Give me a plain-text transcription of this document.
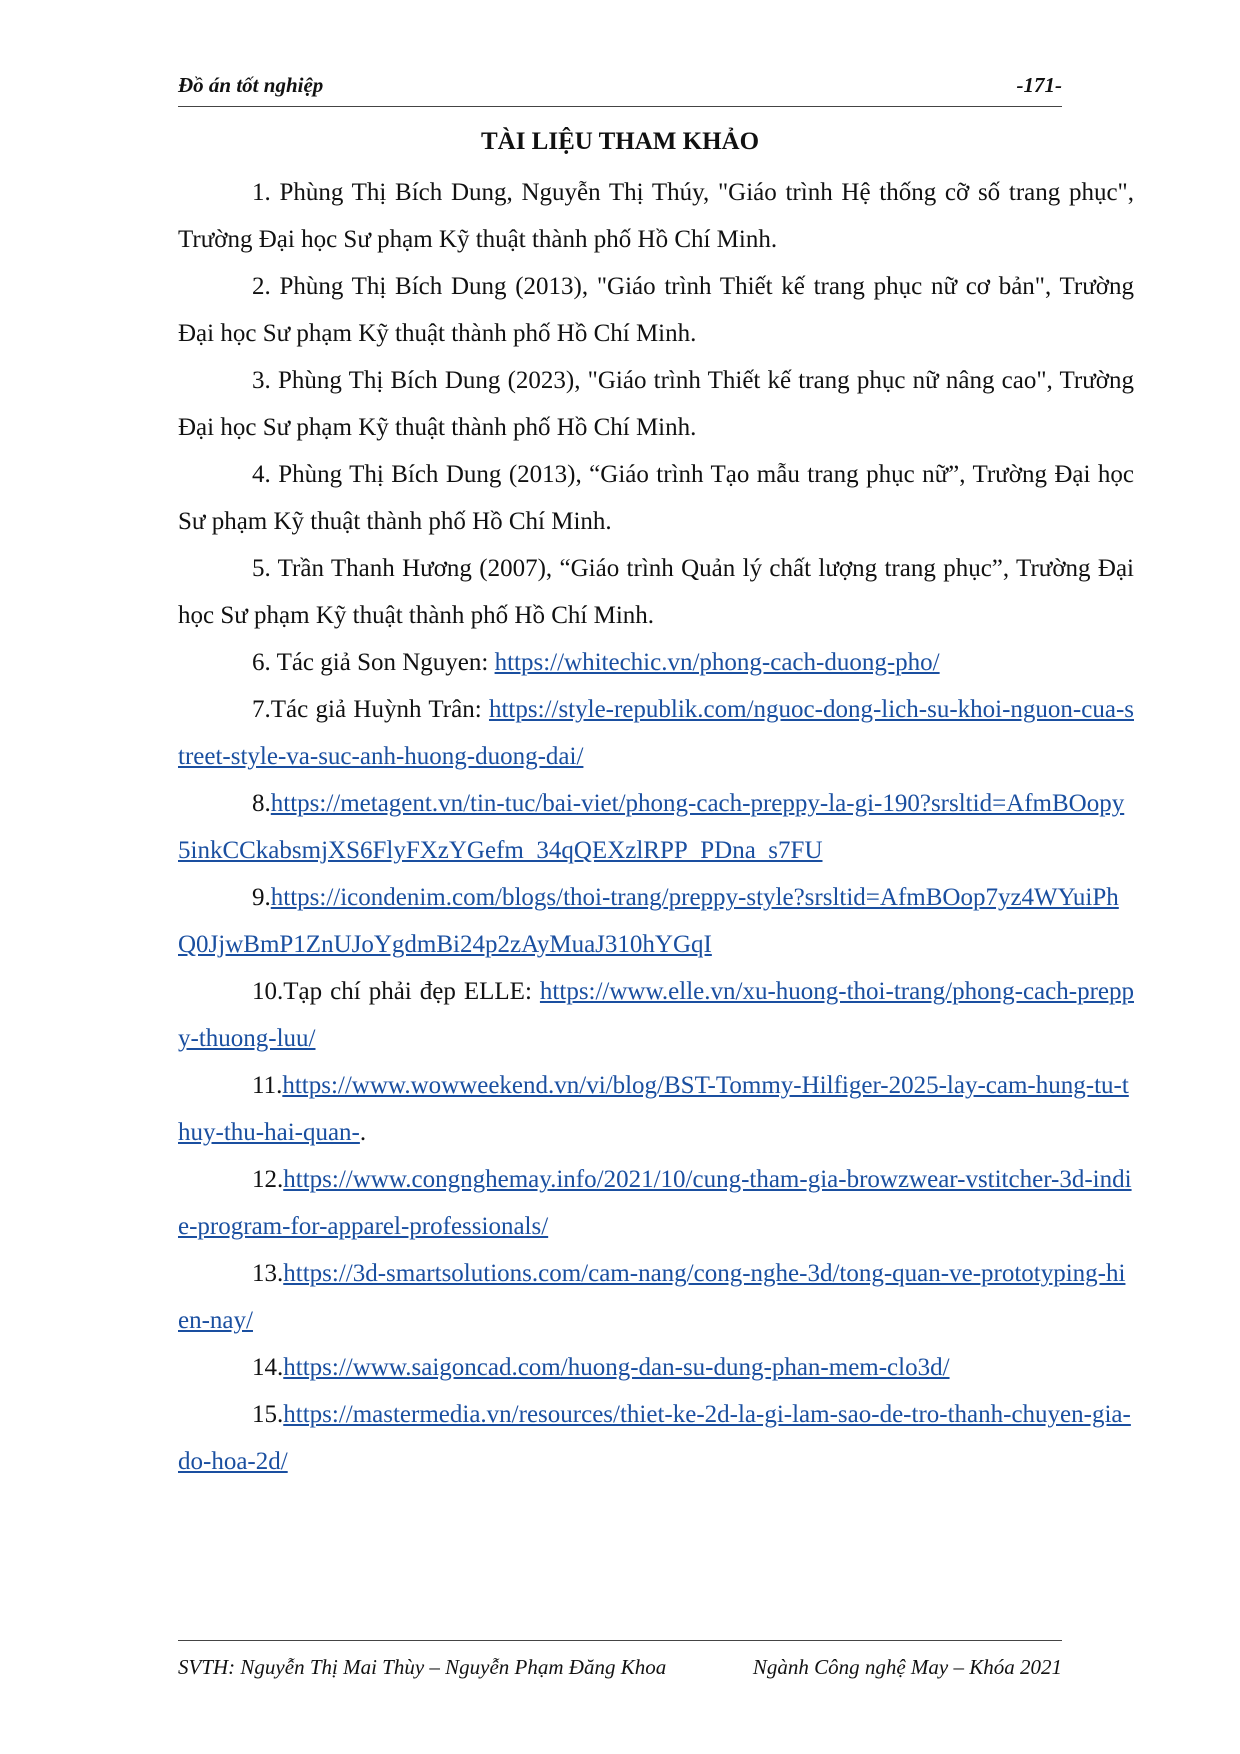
Đồ án tốt nghiệp	-171-
TÀI LIỆU THAM KHẢO
1. Phùng Thị Bích Dung, Nguyễn Thị Thúy, "Giáo trình Hệ thống cỡ số trang phục", Trường Đại học Sư phạm Kỹ thuật thành phố Hồ Chí Minh.
2. Phùng Thị Bích Dung (2013), "Giáo trình Thiết kế trang phục nữ cơ bản", Trường Đại học Sư phạm Kỹ thuật thành phố Hồ Chí Minh.
3. Phùng Thị Bích Dung (2023), "Giáo trình Thiết kế trang phục nữ nâng cao", Trường Đại học Sư phạm Kỹ thuật thành phố Hồ Chí Minh.
4. Phùng Thị Bích Dung (2013), “Giáo trình Tạo mẫu trang phục nữ”, Trường Đại học Sư phạm Kỹ thuật thành phố Hồ Chí Minh.
5. Trần Thanh Hương (2007), “Giáo trình Quản lý chất lượng trang phục”, Trường Đại học Sư phạm Kỹ thuật thành phố Hồ Chí Minh.
6. Tác giả Son Nguyen: https://whitechic.vn/phong-cach-duong-pho/
7.Tác giả Huỳnh Trân: https://style-republik.com/nguoc-dong-lich-su-khoi-nguon-cua-street-style-va-suc-anh-huong-duong-dai/
8.https://metagent.vn/tin-tuc/bai-viet/phong-cach-preppy-la-gi-190?srsltid=AfmBOopy5inkCCkabsmjXS6FlyFXzYGefm_34qQEXzlRPP_PDna_s7FU
9.https://icondenim.com/blogs/thoi-trang/preppy-style?srsltid=AfmBOop7yz4WYuiPhQ0JjwBmP1ZnUJoYgdmBi24p2zAyMuaJ310hYGqI
10.Tạp chí phải đẹp ELLE: https://www.elle.vn/xu-huong-thoi-trang/phong-cach-preppy-thuong-luu/
11.https://www.wowweekend.vn/vi/blog/BST-Tommy-Hilfiger-2025-lay-cam-hung-tu-thuy-thu-hai-quan-.
12.https://www.congnghemay.info/2021/10/cung-tham-gia-browzwear-vstitcher-3d-indie-program-for-apparel-professionals/
13.https://3d-smartsolutions.com/cam-nang/cong-nghe-3d/tong-quan-ve-prototyping-hien-nay/
14.https://www.saigoncad.com/huong-dan-su-dung-phan-mem-clo3d/
15.https://mastermedia.vn/resources/thiet-ke-2d-la-gi-lam-sao-de-tro-thanh-chuyen-gia-do-hoa-2d/
SVTH: Nguyễn Thị Mai Thùy – Nguyễn Phạm Đăng Khoa	Ngành Công nghệ May – Khóa 2021
